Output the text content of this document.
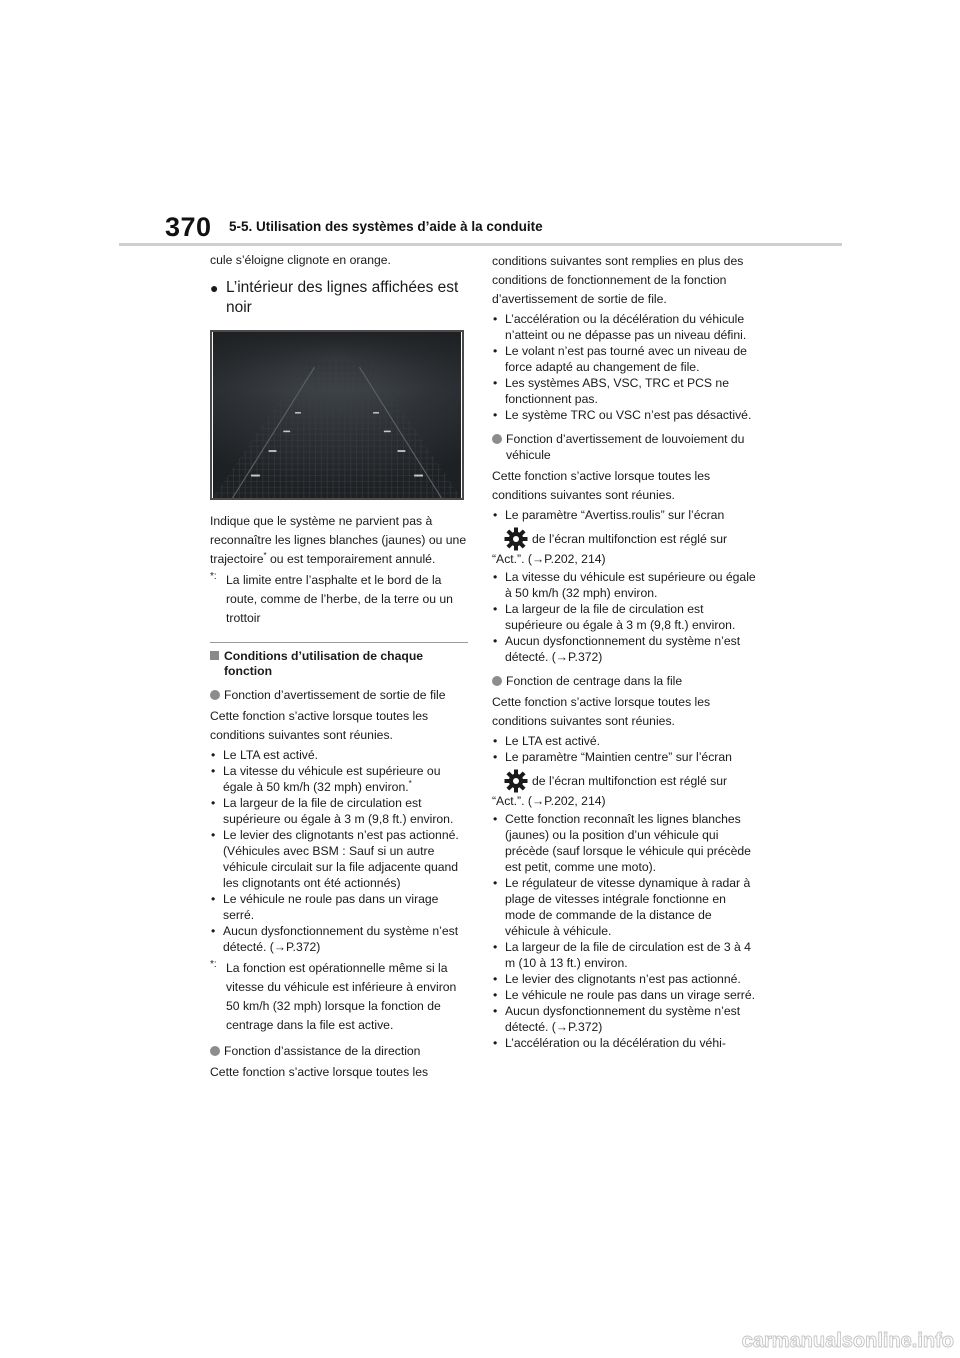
370 5-5. Utilisation des systèmes d’aide à la conduite

cule s’éloigne clignote en orange.

● L’intérieur des lignes affichées est noir

Indique que le système ne parvient pas à reconnaître les lignes blanches (jaunes) ou une trajectoire* ou est temporairement annulé.

*: La limite entre l’asphalte et le bord de la route, comme de l’herbe, de la terre ou un trottoir
Conditions d’utilisation de chaque fonction
Fonction d’avertissement de sortie de file

Cette fonction s’active lorsque toutes les conditions suivantes sont réunies.

• Le LTA est activé.
• La vitesse du véhicule est supérieure ou égale à 50 km/h (32 mph) environ.*
• La largeur de la file de circulation est supérieure ou égale à 3 m (9,8 ft.) environ.
• Le levier des clignotants n’est pas actionné. (Véhicules avec BSM : Sauf si un autre véhicule circulait sur la file adjacente quand les clignotants ont été actionnés)
• Le véhicule ne roule pas dans un virage serré.
• Aucun dysfonctionnement du système n’est détecté. (→P.372)
*: La fonction est opérationnelle même si la vitesse du véhicule est inférieure à environ 50 km/h (32 mph) lorsque la fonction de centrage dans la file est active.
Fonction d’assistance de la direction

Cette fonction s’active lorsque toutes les

conditions suivantes sont remplies en plus des conditions de fonctionnement de la fonction d’avertissement de sortie de file.

• L’accélération ou la décélération du véhicule n’atteint ou ne dépasse pas un niveau défini.
• Le volant n’est pas tourné avec un niveau de force adapté au changement de file.
• Les systèmes ABS, VSC, TRC et PCS ne fonctionnent pas.
• Le système TRC ou VSC n’est pas désactivé.
Fonction d’avertissement de louvoiement du véhicule

Cette fonction s’active lorsque toutes les conditions suivantes sont réunies.

• Le paramètre “Avertiss.roulis” sur l’écran
de l’écran multifonction est réglé sur

“Act.”. (→P.202, 214)

• La vitesse du véhicule est supérieure ou égale à 50 km/h (32 mph) environ.
• La largeur de la file de circulation est supérieure ou égale à 3 m (9,8 ft.) environ.
• Aucun dysfonctionnement du système n’est détecté. (→P.372)
Fonction de centrage dans la file

Cette fonction s’active lorsque toutes les conditions suivantes sont réunies.

• Le LTA est activé.
• Le paramètre “Maintien centre” sur l’écran
de l’écran multifonction est réglé sur

“Act.”. (→P.202, 214)

• Cette fonction reconnaît les lignes blanches (jaunes) ou la position d’un véhicule qui précède (sauf lorsque le véhicule qui précède est petit, comme une moto).
• Le régulateur de vitesse dynamique à radar à plage de vitesses intégrale fonctionne en mode de commande de la distance de véhicule à véhicule.
• La largeur de la file de circulation est de 3 à 4 m (10 à 13 ft.) environ.
• Le levier des clignotants n’est pas actionné.
• Le véhicule ne roule pas dans un virage serré.
• Aucun dysfonctionnement du système n’est détecté. (→P.372)
• L’accélération ou la décélération du véhi-
carmanualsonline.info
